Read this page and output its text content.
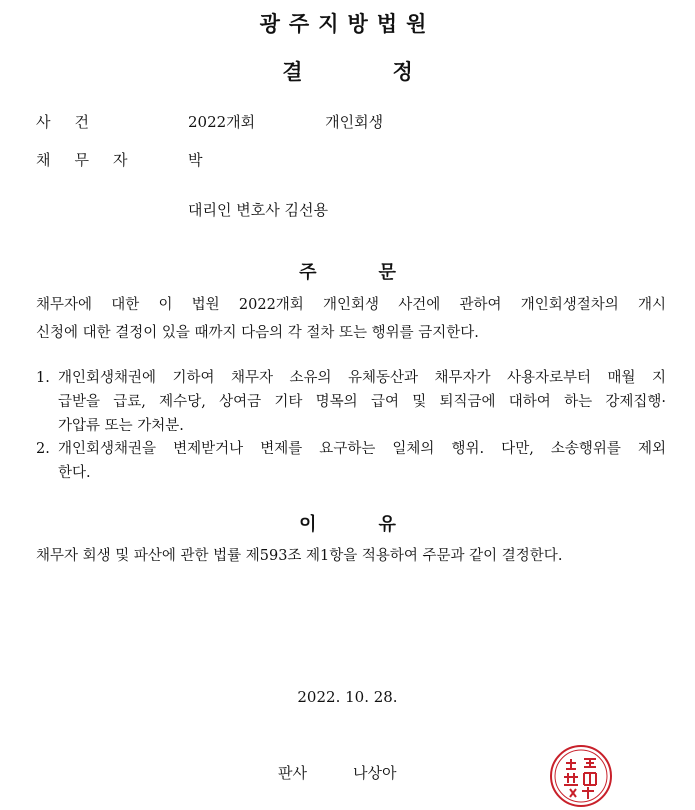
광주지방법원
결	정
사건	2022개회	개인회생
채무자 박
대리인 변호사 김선용
주	문
채무자에 대한 이 법원 2022개회 개인회생 사건에 관하여 개인회생절차의 개시
신청에 대한 결정이 있을 때까지 다음의 각 절차 또는 행위를 금지한다.
1. 개인회생채권에 기하여 채무자 소유의 유체동산과 채무자가 사용자로부터 매월 지
급받을 급료, 제수당, 상여금 기타 명목의 급여 및 퇴직금에 대하여 하는 강제집행·
가압류 또는 가처분.
2. 개인회생채권을 변제받거나 변제를 요구하는 일체의 행위. 다만, 소송행위를 제외
한다.
이	유
채무자 회생 및 파산에 관한 법률 제593조 제1항을 적용하여 주문과 같이 결정한다.
2022. 10. 28.
판사	나상아
